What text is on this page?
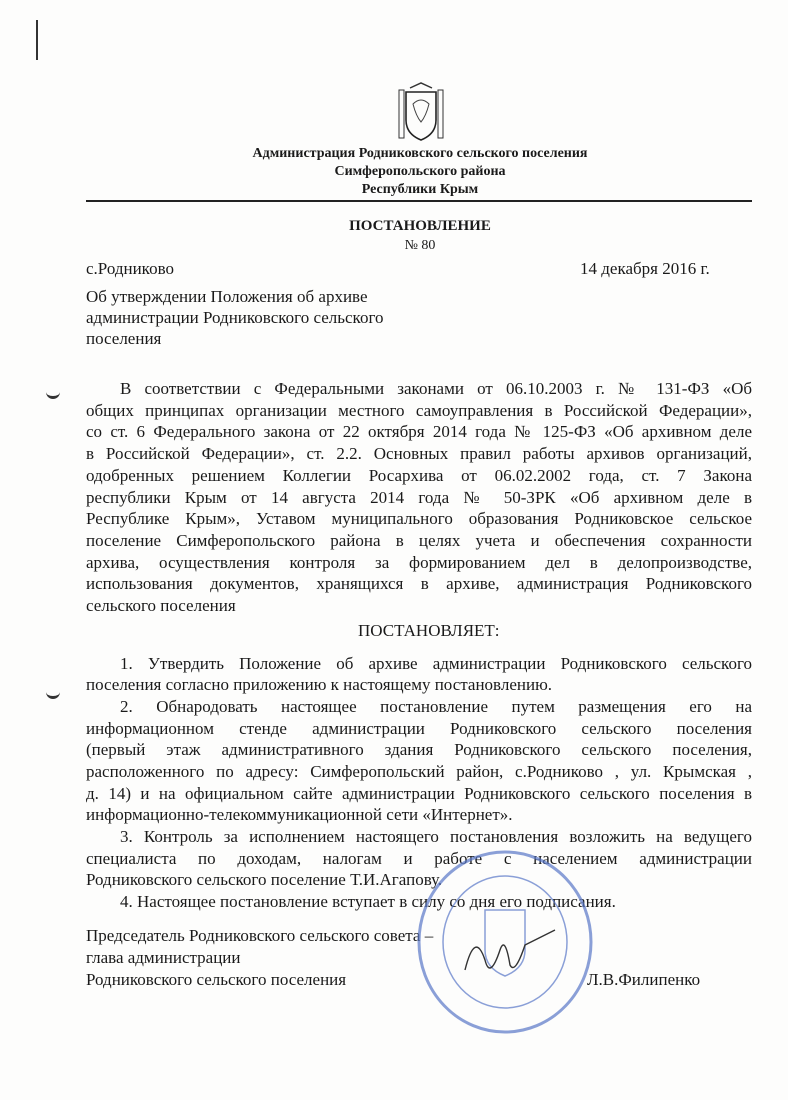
Администрация Родниковского сельского поселения
Симферопольского района
Республики Крым
ПОСТАНОВЛЕНИЕ
№ 80
с.Родниково	14 декабря 2016 г.
Об утверждении Положения об архиве
администрации Родниковского сельского
поселения
В соответствии с Федеральными законами от 06.10.2003 г. № 131-ФЗ «Об
общих принципах организации местного самоуправления в Российской Федерации»,
со ст. 6 Федерального закона от 22 октября 2014 года № 125-ФЗ «Об архивном деле
в Российской Федерации», ст. 2.2. Основных правил работы архивов организаций,
одобренных решением Коллегии Росархива от 06.02.2002 года, ст. 7 Закона
республики Крым от 14 августа 2014 года № 50-ЗРК «Об архивном деле в
Республике Крым», Уставом муниципального образования Родниковское сельское
поселение Симферопольского района в целях учета и обеспечения сохранности
архива, осуществления контроля за формированием дел в делопроизводстве,
использования документов, хранящихся в архиве, администрация Родниковского
сельского поселения
ПОСТАНОВЛЯЕТ:
1. Утвердить Положение об архиве администрации Родниковского сельского
поселения согласно приложению к настоящему постановлению.
2. Обнародовать настоящее постановление путем размещения его на
информационном стенде администрации Родниковского сельского поселения
(первый этаж административного здания Родниковского сельского поселения,
расположенного по адресу: Симферопольский район, с.Родниково , ул. Крымская ,
д. 14) и на официальном сайте администрации Родниковского сельского поселения в
информационно-телекоммуникационной сети «Интернет».
3. Контроль за исполнением настоящего постановления возложить на ведущего
специалиста по доходам, налогам и работе с населением администрации
Родниковского сельского поселение Т.И.Агапову.
4. Настоящее постановление вступает в силу со дня его подписания.
Председатель Родниковского сельского совета –
глава администрации
Родниковского сельского поселения	Л.В.Филипенко
